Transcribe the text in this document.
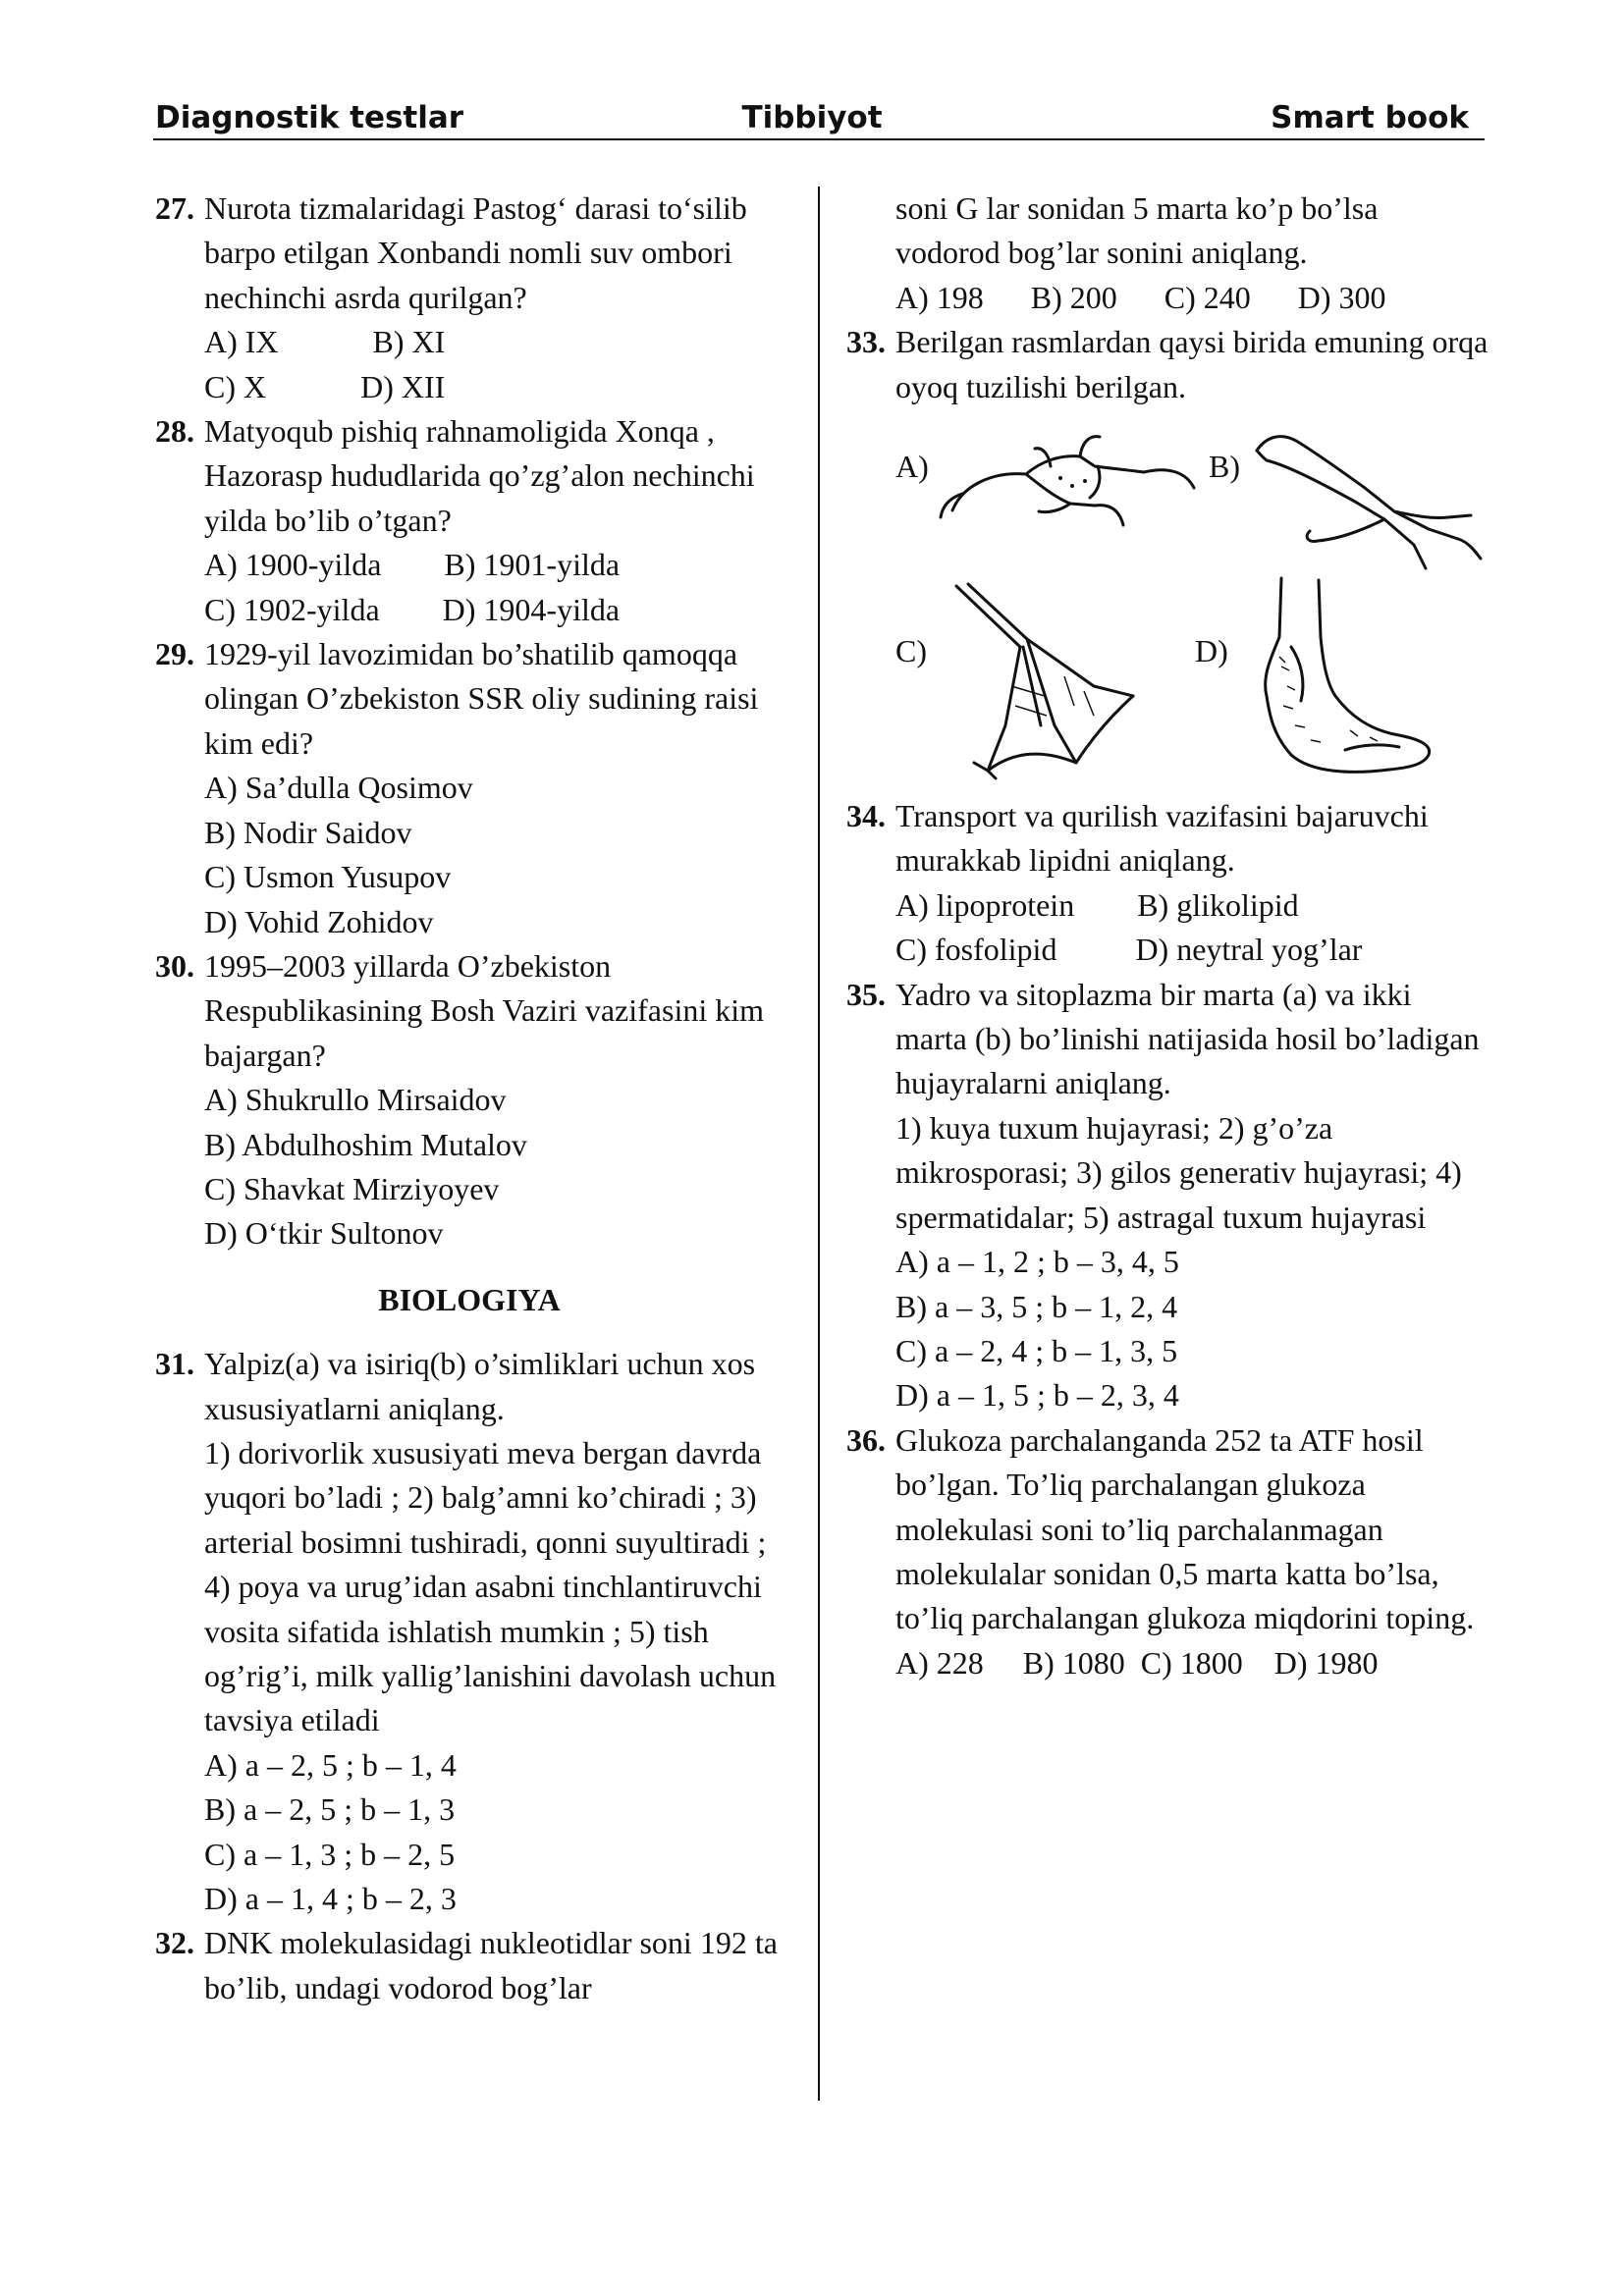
Diagnostik testlar	Tibbiyot	Smart book
27. Nurota tizmalaridagi Pastog‘ darasi to‘silib barpo etilgan Xonbandi nomli suv ombori nechinchi asrda qurilgan?
A) IX            B) XI
C) X            D) XII
28. Matyoqub pishiq rahnamoligida Xonqa , Hazorasp hududlarida qo’zg’alon nechinchi yilda bo’lib o’tgan?
A) 1900-yilda        B) 1901-yilda
C) 1902-yilda        D) 1904-yilda
29. 1929-yil lavozimidan bo’shatilib qamoqqa olingan O’zbekiston SSR oliy sudining raisi kim edi?
A) Sa’dulla Qosimov
B) Nodir Saidov
C) Usmon Yusupov
D) Vohid Zohidov
30. 1995–2003 yillarda O’zbekiston Respublikasining Bosh Vaziri vazifasini kim bajargan?
A) Shukrullo Mirsaidov
B) Abdulhoshim Mutalov
C) Shavkat Mirziyoyev
D) O‘tkir Sultonov
BIOLOGIYA
31. Yalpiz(a) va isiriq(b) o’simliklari uchun xos xususiyatlarni aniqlang.
1) dorivorlik xususiyati meva bergan davrda yuqori bo’ladi ; 2) balg’amni ko’chiradi ; 3) arterial bosimni tushiradi, qonni suyultiradi ; 4) poya va urug’idan asabni tinchlantiruvchi vosita sifatida ishlatish mumkin ; 5) tish og’rig’i, milk yallig’lanishini davolash uchun tavsiya etiladi
A) a – 2, 5 ; b – 1, 4
B) a – 2, 5 ; b – 1, 3
C) a – 1, 3 ; b – 2, 5
D) a – 1, 4 ; b – 2, 3
32. DNK molekulasidagi nukleotidlar soni 192 ta bo’lib, undagi vodorod bog’lar
soni G lar sonidan 5 marta ko’p bo’lsa vodorod bog’lar sonini aniqlang.
A) 198      B) 200      C) 240      D) 300
33. Berilgan rasmlardan qaysi birida emuning orqa oyoq tuzilishi berilgan.
A)	B)
C)	D)
34. Transport va qurilish vazifasini bajaruvchi murakkab lipidni aniqlang.
A) lipoprotein        B) glikolipid
C) fosfolipid          D) neytral yog’lar
35. Yadro va sitoplazma bir marta (a) va ikki marta (b) bo’linishi natijasida hosil bo’ladigan hujayralarni aniqlang.
1) kuya tuxum hujayrasi; 2) g’o’za mikrosporasi; 3) gilos generativ hujayrasi; 4) spermatidalar; 5) astragal tuxum hujayrasi
A) a – 1, 2 ; b – 3, 4, 5
B) a – 3, 5 ; b – 1, 2, 4
C) a – 2, 4 ; b – 1, 3, 5
D) a – 1, 5 ; b – 2, 3, 4
36. Glukoza parchalanganda 252 ta ATF hosil bo’lgan. To’liq parchalangan glukoza molekulasi soni to’liq parchalanmagan molekulalar sonidan 0,5 marta katta bo’lsa, to’liq parchalangan glukoza miqdorini toping.
A) 228     B) 1080  C) 1800    D) 1980
